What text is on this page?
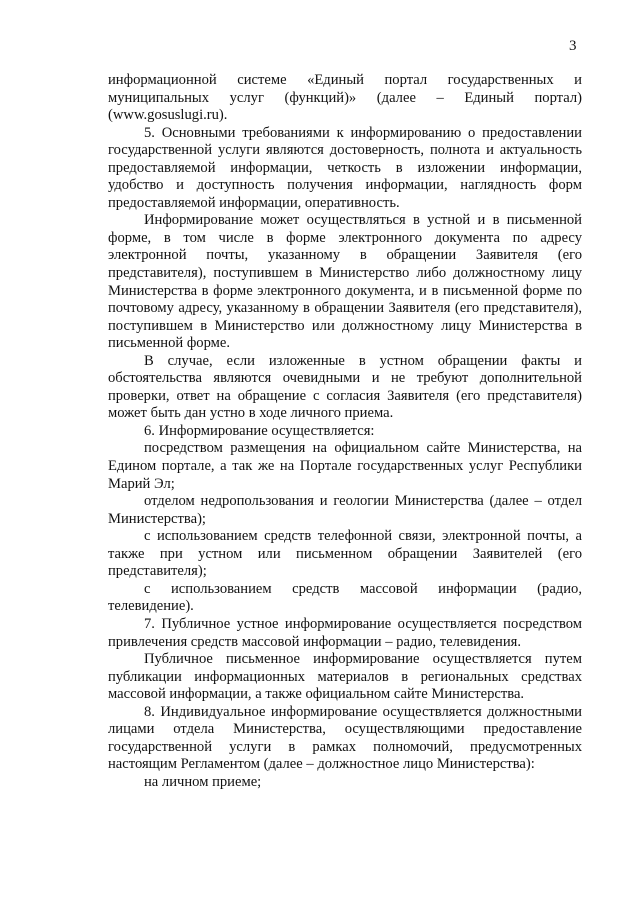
3

информационной системе «Единый портал государственных и муниципальных услуг (функций)» (далее – Единый портал) (www.gosuslugi.ru).

5. Основными требованиями к информированию о предоставлении государственной услуги являются достоверность, полнота и актуальность предоставляемой информации, четкость в изложении информации, удобство и доступность получения информации, наглядность форм предоставляемой информации, оперативность.

Информирование может осуществляться в устной и в письменной форме, в том числе в форме электронного документа по адресу электронной почты, указанному в обращении Заявителя (его представителя), поступившем в Министерство либо должностному лицу Министерства в форме электронного документа, и в письменной форме по почтовому адресу, указанному в обращении Заявителя (его представителя), поступившем в Министерство или должностному лицу Министерства в письменной форме.

В случае, если изложенные в устном обращении факты и обстоятельства являются очевидными и не требуют дополнительной проверки, ответ на обращение с согласия Заявителя (его представителя) может быть дан устно в ходе личного приема.

6. Информирование осуществляется:

посредством размещения на официальном сайте Министерства, на Едином портале, а так же на Портале государственных услуг Республики Марий Эл;

отделом недропользования и геологии Министерства (далее – отдел Министерства);

с использованием средств телефонной связи, электронной почты, а также при устном или письменном обращении Заявителей (его представителя);

с использованием средств массовой информации (радио, телевидение).

7. Публичное устное информирование осуществляется посредством привлечения средств массовой информации – радио, телевидения.

Публичное письменное информирование осуществляется путем публикации информационных материалов в региональных средствах массовой информации, а также официальном сайте Министерства.

8. Индивидуальное информирование осуществляется должностными лицами отдела Министерства, осуществляющими предоставление государственной услуги в рамках полномочий, предусмотренных настоящим Регламентом (далее – должностное лицо Министерства):

на личном приеме;
